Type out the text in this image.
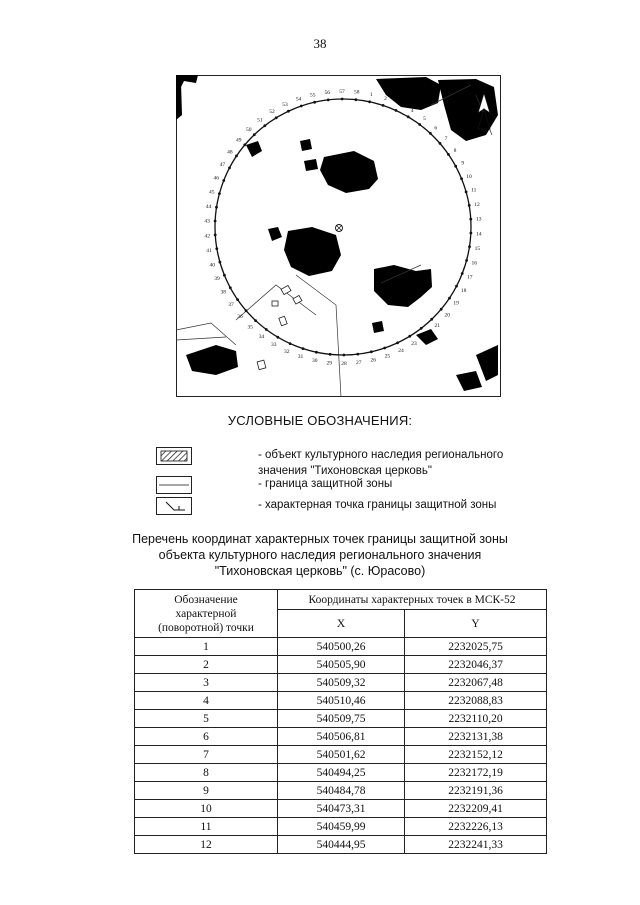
38
1
2
3
4
5
6
7
8
9
10
11
12
13
14
15
16
17
18
19
20
21
22
23
24
25
26
27
28
29
30
31
32
33
34
35
36
37
38
39
40
41
42
43
44
45
46
47
48
49
50
51
52
53
54
55 56 57 58
УСЛОВНЫЕ ОБОЗНАЧЕНИЯ:
- объект культурного наследия регионального
значения "Тихоновская церковь"
- граница защитной зоны
- характерная точка границы защитной зоны
Перечень координат характерных точек границы защитной зоны
объекта культурного наследия регионального значения
"Тихоновская церковь" (с. Юрасово)
Обозначение
характерной
(поворотной) точки	Координаты характерных точек в МСК-52	
	X	Y
1	540500,26	2232025,75
2	540505,90	2232046,37
3	540509,32	2232067,48
4	540510,46	2232088,83
5	540509,75	2232110,20
6	540506,81	2232131,38
7	540501,62	2232152,12
8	540494,25	2232172,19
9	540484,78	2232191,36
10	540473,31	2232209,41
11	540459,99	2232226,13
12	540444,95	2232241,33
